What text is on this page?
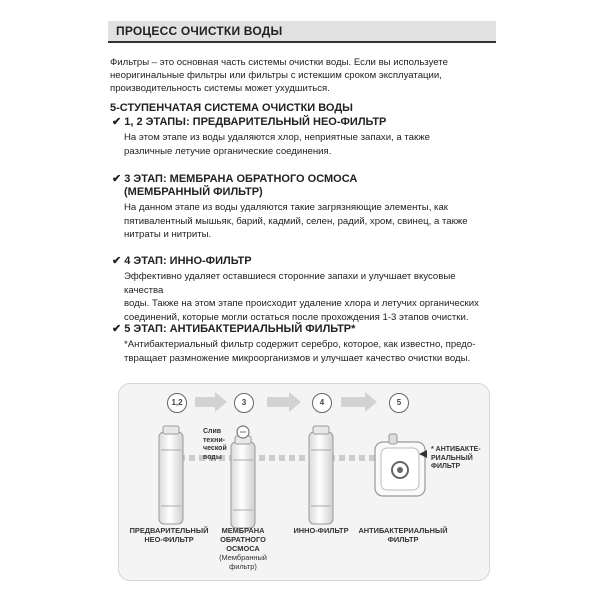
ПРОЦЕСС ОЧИСТКИ ВОДЫ
Фильтры – это основная часть системы очистки воды. Если вы используете
неоригинальные фильтры или фильтры с истекшим сроком эксплуатации,
производительность системы может ухудшиться.
5-СТУПЕНЧАТАЯ СИСТЕМА ОЧИСТКИ ВОДЫ
✔ 1, 2 ЭТАПЫ: ПРЕДВАРИТЕЛЬНЫЙ НЕО-ФИЛЬТР
На этом этапе из воды удаляются хлор, неприятные запахи, а также
различные летучие органические соединения.
✔ 3 ЭТАП: МЕМБРАНА ОБРАТНОГО ОСМОСА
(МЕМБРАННЫЙ ФИЛЬТР)
На данном этапе из воды удаляются такие загрязняющие элементы, как
пятивалентный мышьяк, барий, кадмий, селен, радий, хром, свинец, а также
нитраты и нитриты.
✔ 4 ЭТАП: ИННО-ФИЛЬТР
Эффективно удаляет оставшиеся сторонние запахи и улучшает вкусовые качества
воды. Также на этом этапе происходит удаление хлора и летучих органических
соединений, которые могли остаться после прохождения 1-3 этапов очистки.
✔ 5 ЭТАП: АНТИБАКТЕРИАЛЬНЫЙ ФИЛЬТР*
*Антибактериальный фильтр содержит серебро, которое, как известно, предо-
твращает размножение микроорганизмов и улучшает качество очистки воды.
1,2	3	4	5
Слив
техни-
ческой
воды
* АНТИБАКТЕ-
РИАЛЬНЫЙ
ФИЛЬТР
ПРЕДВАРИТЕЛЬНЫЙ
НЕО-ФИЛЬТР
МЕМБРАНА
ОБРАТНОГО
ОСМОСА
(Мембранный
фильтр)
ИННО-ФИЛЬТР	АНТИБАКТЕРИАЛЬНЫЙ
ФИЛЬТР
